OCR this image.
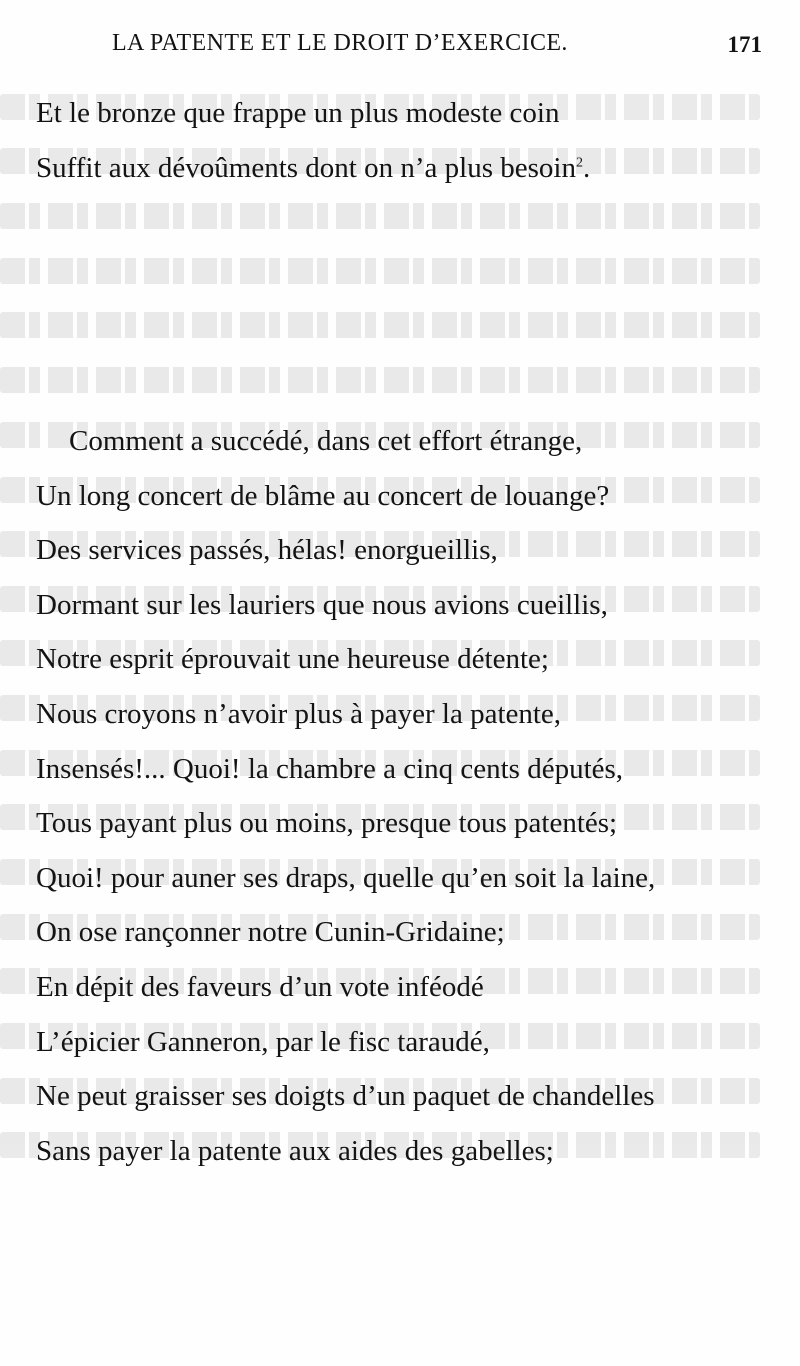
LA PATENTE ET LE DROIT D’EXERCICE.	171
Et le bronze que frappe un plus modeste coin
Suffit aux dévoûments dont on n’a plus besoin$^2$.
Comment a succédé, dans cet effort étrange,
Un long concert de blâme au concert de louange?
Des services passés, hélas! enorgueillis,
Dormant sur les lauriers que nous avions cueillis,
Notre esprit éprouvait une heureuse détente;
Nous croyons n’avoir plus à payer la patente,
Insensés!... Quoi! la chambre a cinq cents députés,
Tous payant plus ou moins, presque tous patentés;
Quoi! pour auner ses draps, quelle qu’en soit la laine,
On ose rançonner notre Cunin-Gridaine;
En dépit des faveurs d’un vote inféodé
L’épicier Ganneron, par le fisc taraudé,
Ne peut graisser ses doigts d’un paquet de chandelles
Sans payer la patente aux aides des gabelles;
